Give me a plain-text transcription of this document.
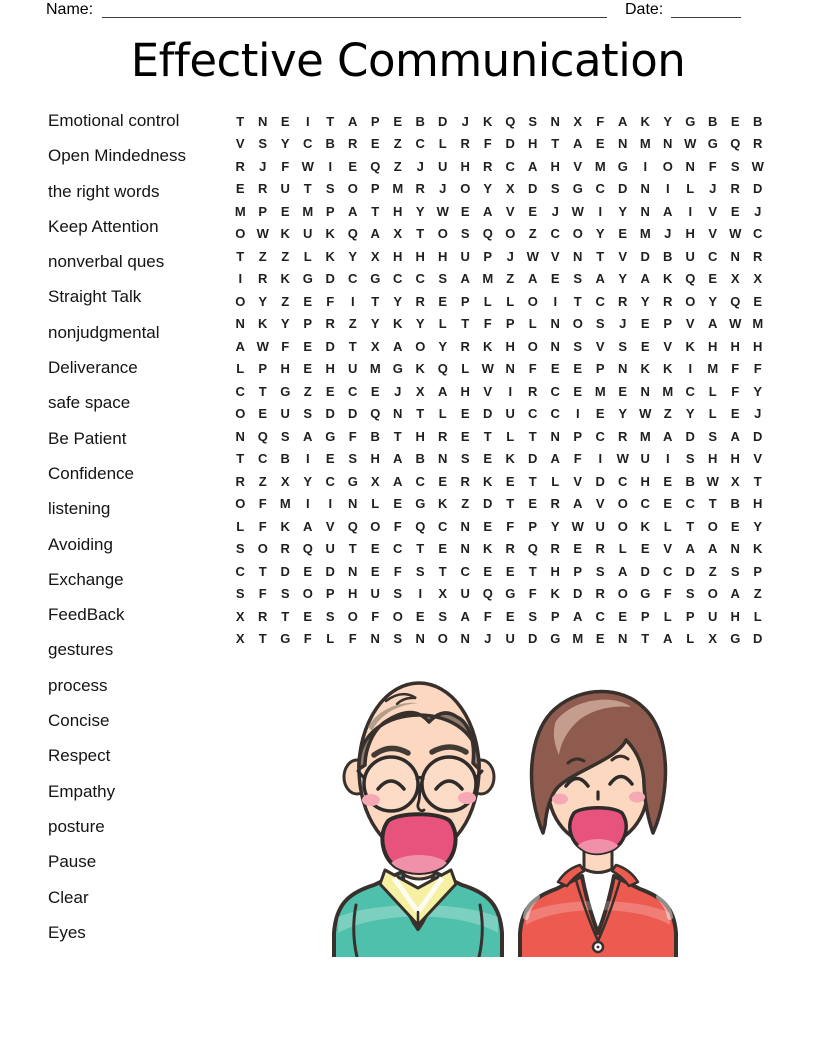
Name:	Date:
Effective Communication
Emotional control
Open Mindedness
the right words
Keep Attention
nonverbal ques
Straight Talk
nonjudgmental
Deliverance
safe space
Be Patient
Confidence
listening
Avoiding
Exchange
FeedBack
gestures
process
Concise
Respect
Empathy
posture
Pause
Clear
Eyes
T	N	E	I	T	A	P	E	B	D	J	K Q	S	N	X	F	A	K	Y	G B	E	B
V	S	Y	C	B	R	E	Z	C	L	R	F	D	H	T	A	E	N M N W G Q R
R	J	F W	I	E	Q	Z	J	U	H	R	C	A	H	V M G	I	O N	F	S W
E	R	U	T	S	O	P M R	J	O	Y	X	D	S	G C	D	N	I	L	J	R	D
M P	E M P	A	T	H	Y W E	A	V	E	J W	I	Y	N	A	I	V	E	J
O W K	U	K Q A	X	T	O	S	Q O	Z	C O	Y	E M	J	H	V W C
T	Z	Z	L	K	Y	X	H	H	H	U	P	J W V	N	T	V	D	B	U	C	N	R
I	R	K G D	C G C	C	S	A M	Z	A	E	S	A	Y	A	K Q	E	X	X
O	Y	Z	E	F	I	T	Y	R	E	P	L	L	O	I	T	C	R	Y	R O	Y	Q	E
N	K	Y	P	R	Z	Y	K	Y	L	T	F	P	L	N O	S	J	E	P	V	A W M
A W F	E	D	T	X	A O	Y	R	K	H O N	S	V	S	E	V	K	H	H	H
L	P	H	E	H	U M G K Q	L W N	F	E	E	P	N	K	K	I	M	F	F
C	T	G	Z	E	C	E	J	X	A	H	V	I	R	C	E M E	N M C	L	F	Y
O	E	U	S	D	D Q N	T	L	E	D	U	C	C	I	E	Y W Z	Y	L	E	J
N Q	S	A G	F	B	T	H	R	E	T	L	T	N	P	C	R M A	D	S	A	D
T	C	B	I	E	S	H	A	B	N	S	E	K	D	A	F	I	W U	I	S	H	H	V
R	Z	X	Y	C G	X	A	C	E	R	K	E	T	L	V	D	C	H	E	B W X	T
O	F	M	I	I	N	L	E	G K	Z	D	T	E	R	A	V	O C	E	C	T	B	H
L	F	K	A	V	Q O	F	Q C	N	E	F	P	Y W U O K	L	T	O	E	Y
S	O R Q U	T	E	C	T	E	N	K	R Q R	E	R	L	E	V	A	A	N	K
C	T	D	E	D	N	E	F	S	T	C	E	E	T	H	P	S	A	D	C	D	Z	S	P
S	F	S	O	P	H	U	S	I	X	U Q G	F	K	D	R O G	F	S	O A	Z
X	R	T	E	S	O	F	O	E	S	A	F	E	S	P	A	C	E	P	L	P	U	H	L
X	T	G	F	L	F	N	S	N O N	J	U	D G M E	N	T	A	L	X	G D
